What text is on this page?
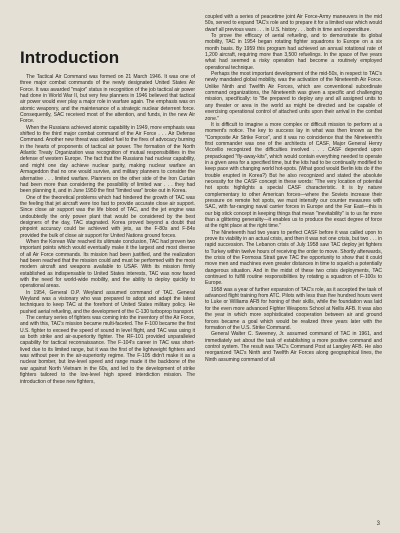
Introduction

The Tactical Air Command was formed on 21 March 1946. It was one of three major combat commands of the newly designated United States Air Force. It was awarded "major" status in recognition of the job tactical air power had done in World War II, but very few planners in 1946 believed that tactical air power would ever play a major role in warfare again. The emphasis was on atomic weaponry, and the maintenance of a strategic nuclear deterrent force. Consequently, SAC received most of the attention, and funds, in the new Air Force.

When the Russians achieved atomic capability in 1949, more emphasis was shifted to the third major combat command of the Air Force . . . Air Defense Command. Another new threat was added fuel to the fires of advocacy burning in the hearts of proponents of tactical air power. The formation of the North Atlantic Treaty Organization was recognition of mutual responsibilities in the defense of western Europe. The fact that the Russians had nuclear capability, and might one day achieve nuclear parity, making nuclear warfare an Armageddon that no one would survive, and military planners to consider the alternative . . . limited warfare. Planners on the other side of the Iron Curtain had been more than considering the possibility of limited war . . . they had been planning it, and in June 1950 the first "limited war" broke out in Korea.

One of the theoretical problems which had hindered the growth of TAC was the feeling that jet aircraft were too fast to provide accurate close air support. Since close air support was the life blood of TAC, and the jet engine was undoubtedly the only power plant that would be considered by the best designers of the day, TAC stagnated. Korea proved beyond a doubt that pinpoint accuracy could be achieved with jets, as the F-80s and F-84s provided the bulk of close air support for United Nations ground forces.

When the Korean War reached its ultimate conclusion, TAC had proven two important points which would eventually make it the largest and most diverse of all Air Force commands. Its mission had been justified, and the realization had been reached that the mission could and must be performed with the most modern aircraft and weapons available to USAF. With its mission firmly established as indispensable to United States interests, TAC was now faced with the need for world-wide mobility, and the ability to deploy quickly to operational areas.

In 1954, General O.P. Weyland assumed command of TAC. General Weyland was a visionary who was prepared to adopt and adapt the latest techniques to keep TAC at the forefront of United States military policy. He pushed aerial refueling, and the development of the C-130 turboprop transport.

The century series of fighters was coming into the inventory of the Air Force, and with this, TAC's mission became multi-faceted. The F-100 became the first U.S. fighter to exceed the speed of sound in level flight, and TAC was using it as both strike and air-superiority fighter. The RF-101 provided unparalleled capability for tactical reconnaissance. The F-104's career in TAC was short-lived due to its limited range, but it was the first of the lightweight fighters and was without peer in the air-superiority regime. The F-105 didn't make it as a nuclear bomber, but low-level speed and range made it the backbone of the war against North Vietnam in the 60s, and led to the development of strike fighters tailored to the low-level high speed interdiction mission. The introduction of these new fighters,

coupled with a series of peacetime joint Air Force-Army maneuvers in the mid 50s, served to expand TAC's role and to prepare it for a limited war which would dwarf all previous wars . . . in U.S. history . . . both in time and expenditure.

To prove the efficacy of aerial refueling, and to demonstrate its global mobility, TAC in 1954 began rotating fighter squadrons to Europe on a six month basis. By 1959 this program had achieved an annual rotational rate of 1,200 aircraft, requiring more than 3,500 refuelings. In the space of five years what had seemed a risky operation had become a routinely employed operational technique.

Perhaps the most important development of the mid-50s, in respect to TAC's newly mandated global mobility, was the activation of the Nineteenth Air Force. Unlike Ninth and Twelfth Air Forces, which are conventional subordinate command organizations, the Nineteenth was given a specific and challenging mission, specifically: to "Be prepared to deploy any and all assigned units to any theater or area in the world as might be directed and be capable of exercising operational control of attached units upon their arrival in the combat zone."

It is difficult to imagine a more complex or difficult mission to perform at a moment's notice. The key to success lay in what was then known as the "Composite Air Strike Force", and it was no coincidence that the Nineteenth's first commander was one of the architects of CASF, Major General Henry Viccellio recognized the difficulties involved . . . CASF depended upon prepackaged "fly-away-kits", which would contain everything needed to operate in a given area for a specified time, but the kits had to be continually modified to keep pace with changing world hot-spots. (What good would Berlin kits do if the trouble erupted in Korea?) But he also recognized and stated the absolute necessity for the CASF concept in these words: "The very location of potential hot spots highlights a special CASF characteristic. It is by nature complementary to other American forces—where the Soviets increase their pressure on remote hot spots, we must intensify our counter measures with SAC, with far-ranging naval carrier forces in Europe and the Far East—this is our big stick concept in keeping things that mean "inevitability" is to us far more than a glittering generality—it enables us to produce the exact degree of force at the right place at the right time."

The Nineteenth had two years to perfect CASF before it was called upon to prove its viability in an actual crisis, and then it was not one crisis, but two . . . in rapid succession. The Lebanon crisis of July 1958 saw TAC deploy jet fighters to Turkey within twelve hours of receiving the order to move. Shortly afterwards, the crisis of the Formosa Strait gave TAC the opportunity to show that it could move men and machines even greater distances in time to squelch a potentially dangerous situation. And in the midst of these two crisis deployments, TAC continued to fulfill routine responsibilities by rotating a squadron of F-100s to Europe.

1958 was a year of further expansion of TAC's role, as it accepted the task of advanced flight training from ATC. Pilots with less than five hundred hours went to Luke or Williams AFB for honing of their skills, while the foundation was laid for the even more advanced Fighter Weapons School at Nellis AFB. It was also the year in which more sophisticated cooperation between air and ground forces became a goal which would be realized three years later with the formation of the U.S. Strike Command.

General Walter C. Sweeney, Jr. assumed command of TAC in 1961, and immediately set about the task of establishing a more positive command and control system. The result was TAC's Command Post at Langley AFB. He also reorganized TAC's Ninth and Twelfth Air Forces along geographical lines, the Ninth assuming command of all

3
